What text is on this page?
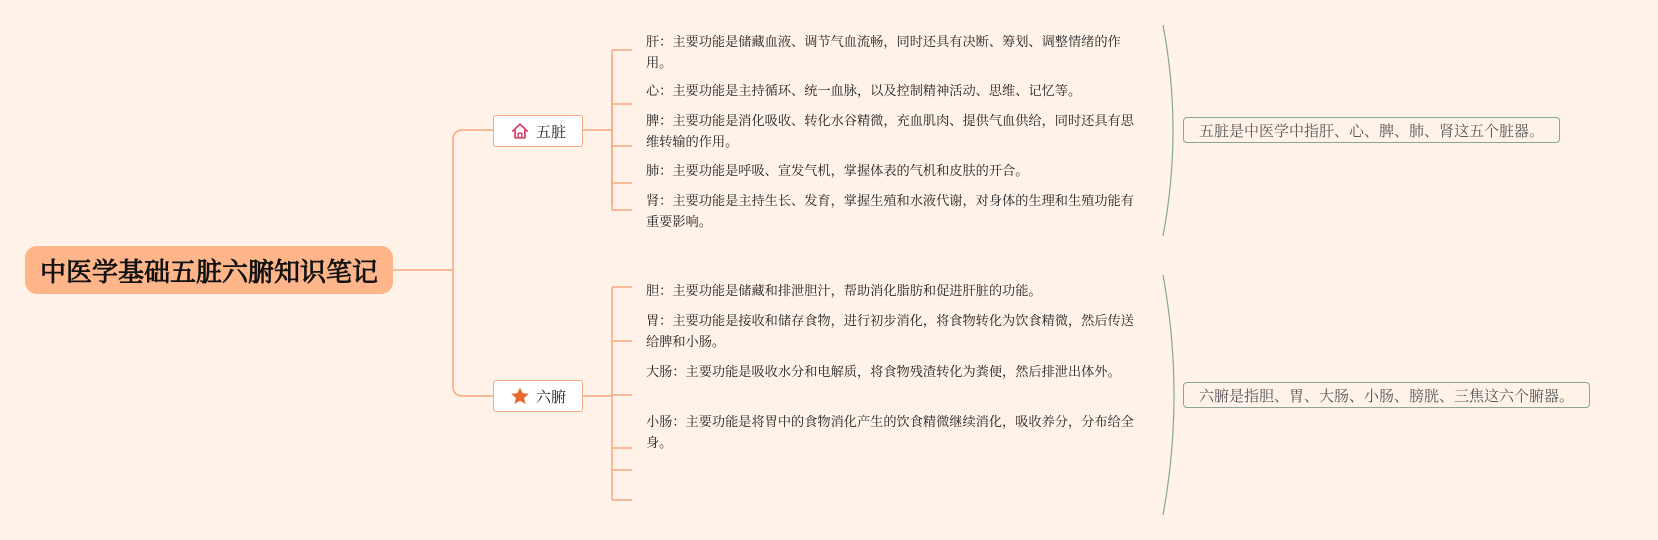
中医学基础五脏六腑知识笔记
五脏
六腑
肝：主要功能是储藏血液、调节气血流畅，同时还具有决断、筹划、调整情绪的作用。
心：主要功能是主持循环、统一血脉，以及控制精神活动、思维、记忆等。
脾：主要功能是消化吸收、转化水谷精微，充血肌肉、提供气血供给，同时还具有思维转输的作用。
肺：主要功能是呼吸、宣发气机，掌握体表的气机和皮肤的开合。
肾：主要功能是主持生长、发育，掌握生殖和水液代谢，对身体的生理和生殖功能有重要影响。
胆：主要功能是储藏和排泄胆汁，帮助消化脂肪和促进肝脏的功能。
胃：主要功能是接收和储存食物，进行初步消化，将食物转化为饮食精微，然后传送给脾和小肠。
大肠：主要功能是吸收水分和电解质，将食物残渣转化为粪便，然后排泄出体外。
小肠：主要功能是将胃中的食物消化产生的饮食精微继续消化，吸收养分，分布给全身。
五脏是中医学中指肝、心、脾、肺、肾这五个脏器。
六腑是指胆、胃、大肠、小肠、膀胱、三焦这六个腑器。
